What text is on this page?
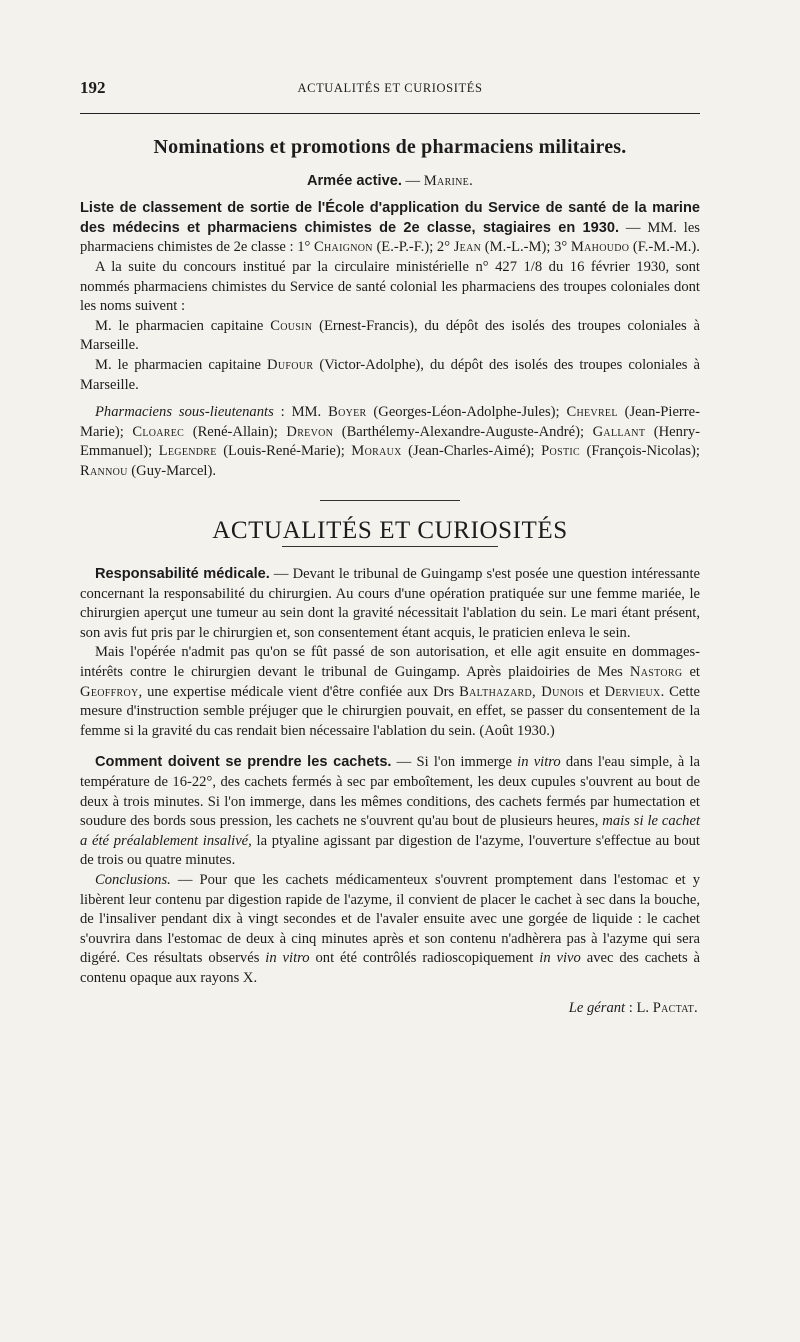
192	ACTUALITÉS ET CURIOSITÉS
Nominations et promotions de pharmaciens militaires.
Armée active. — Marine.

Liste de classement de sortie de l'École d'application du Service de santé de la marine des médecins et pharmaciens chimistes de 2e classe, stagiaires en 1930. — MM. les pharmaciens chimistes de 2e classe : 1° Chaignon (E.-P.-F.); 2° Jean (M.-L.-M); 3° Mahoudo (F.-M.-M.).

A la suite du concours institué par la circulaire ministérielle n° 427 1/8 du 16 février 1930, sont nommés pharmaciens chimistes du Service de santé colonial les pharmaciens des troupes coloniales dont les noms suivent :

M. le pharmacien capitaine Cousin (Ernest-Francis), du dépôt des isolés des troupes coloniales à Marseille.

M. le pharmacien capitaine Dufour (Victor-Adolphe), du dépôt des isolés des troupes coloniales à Marseille.

Pharmaciens sous-lieutenants : MM. Boyer (Georges-Léon-Adolphe-Jules); Chevrel (Jean-Pierre-Marie); Cloarec (René-Allain); Drevon (Barthélemy-Alexandre-Auguste-André); Gallant (Henry-Emmanuel); Legendre (Louis-René-Marie); Moraux (Jean-Charles-Aimé); Postic (François-Nicolas); Rannou (Guy-Marcel).

ACTUALITÉS ET CURIOSITÉS

Responsabilité médicale. — Devant le tribunal de Guingamp s'est posée une question intéressante concernant la responsabilité du chirurgien. Au cours d'une opération pratiquée sur une femme mariée, le chirurgien aperçut une tumeur au sein dont la gravité nécessitait l'ablation du sein. Le mari étant présent, son avis fut pris par le chirurgien et, son consentement étant acquis, le praticien enleva le sein.

Mais l'opérée n'admit pas qu'on se fût passé de son autorisation, et elle agit ensuite en dommages-intérêts contre le chirurgien devant le tribunal de Guingamp. Après plaidoiries de Mes Nastorg et Geoffroy, une expertise médicale vient d'être confiée aux Drs Balthazard, Dunois et Dervieux. Cette mesure d'instruction semble préjuger que le chirurgien pouvait, en effet, se passer du consentement de la femme si la gravité du cas rendait bien nécessaire l'ablation du sein. (Août 1930.)

Comment doivent se prendre les cachets. — Si l'on immerge in vitro dans l'eau simple, à la température de 16-22°, des cachets fermés à sec par emboîtement, les deux cupules s'ouvrent au bout de deux à trois minutes. Si l'on immerge, dans les mêmes conditions, des cachets fermés par humectation et soudure des bords sous pression, les cachets ne s'ouvrent qu'au bout de plusieurs heures, mais si le cachet a été préalablement insalivé, la ptyaline agissant par digestion de l'azyme, l'ouverture s'effectue au bout de trois ou quatre minutes.

Conclusions. — Pour que les cachets médicamenteux s'ouvrent promptement dans l'estomac et y libèrent leur contenu par digestion rapide de l'azyme, il convient de placer le cachet à sec dans la bouche, de l'insaliver pendant dix à vingt secondes et de l'avaler ensuite avec une gorgée de liquide : le cachet s'ouvrira dans l'estomac de deux à cinq minutes après et son contenu n'adhèrera pas à l'azyme qui sera digéré. Ces résultats observés in vitro ont été contrôlés radioscopiquement in vivo avec des cachets à contenu opaque aux rayons X.

Le gérant : L. Pactat.
